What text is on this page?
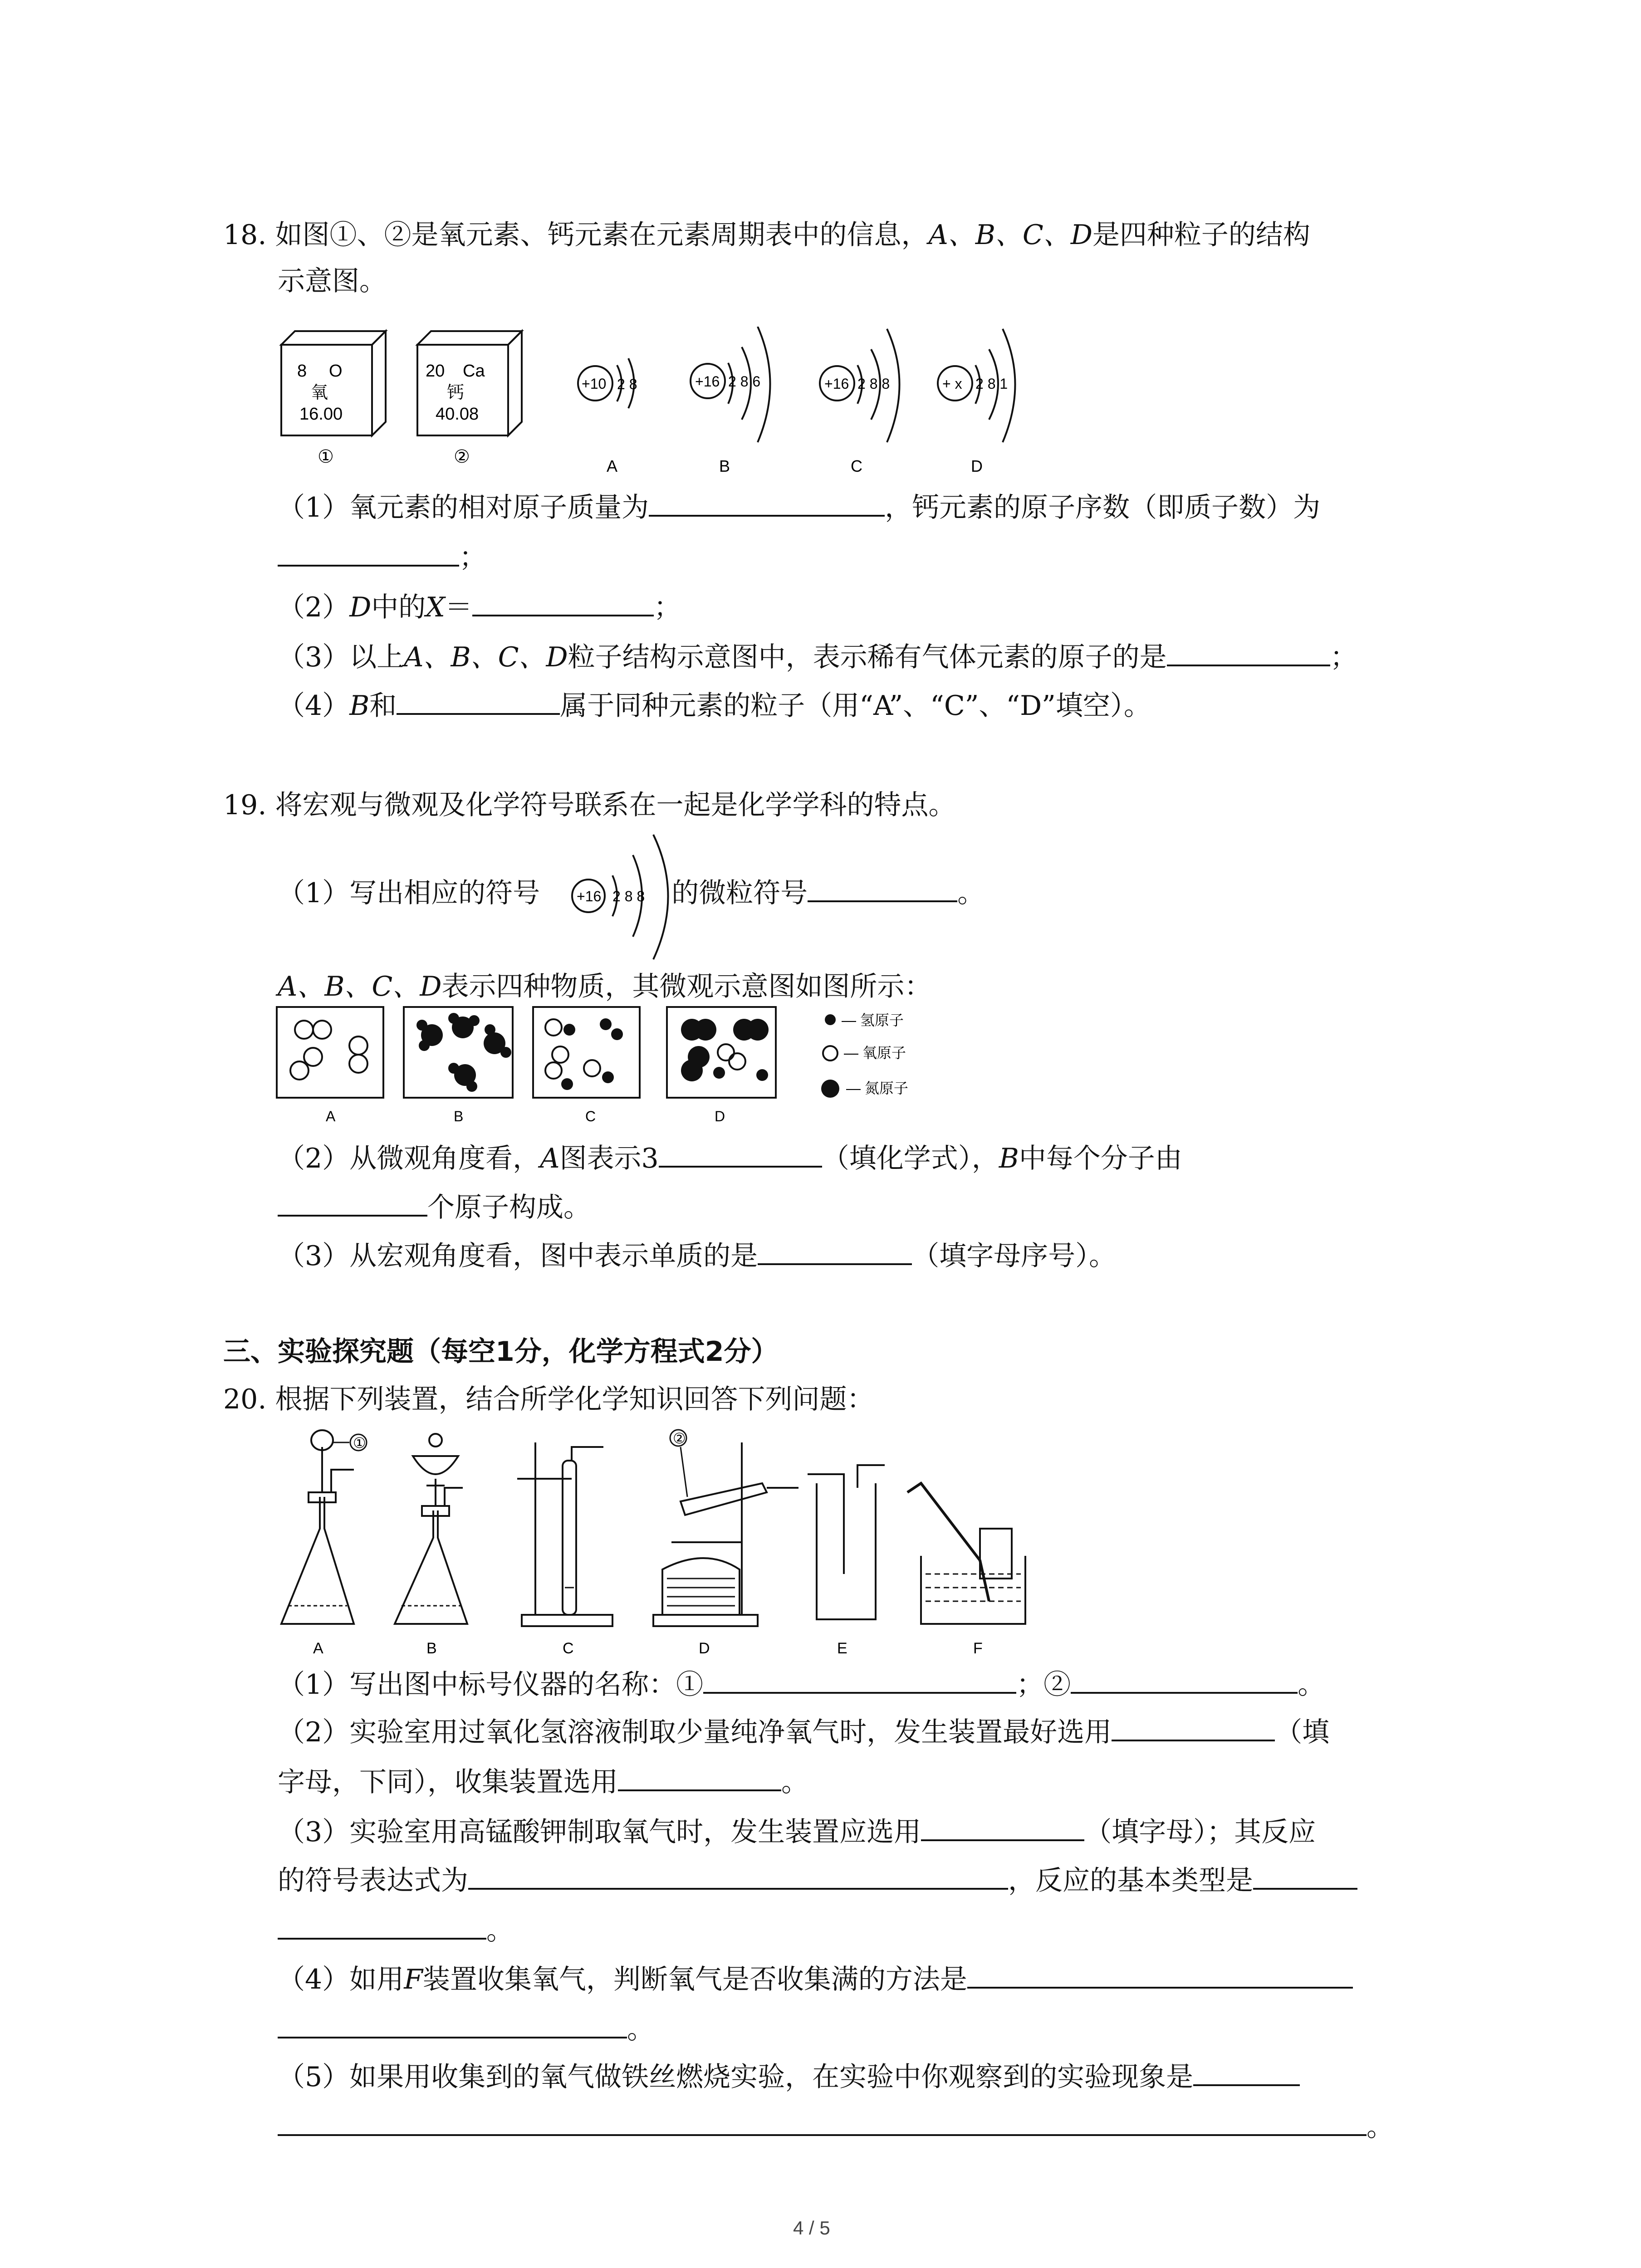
18. 如图①、②是氧元素、钙元素在元素周期表中的信息，A、B、C、D是四种粒子的结构
示意图。
8 O
氧
16.00
①
20 Ca
钙
40.08
②
+10 2 8
A
+16 2 8 6
B
+16 2 8 8
C
+ x 2 8 1
D
（1）氧元素的相对原子质量为	，钙元素的原子序数（即质子数）为
；
（2）D中的X＝	；
（3）以上A、B、C、D粒子结构示意图中，表示稀有气体元素的原子的是	；
（4）B和	属于同种元素的粒子（用“A”、“C”、“D”填空）。
19. 将宏观与微观及化学符号联系在一起是化学学科的特点。
（1）写出相应的符号	的微粒符号	。
+16 2 8 8
A、B、C、D表示四种物质，其微观示意图如图所示：
A	B	C	D
— 氢原子
— 氧原子
— 氮原子
（2）从微观角度看，A图表示3	（填化学式），B中每个分子由
个原子构成。
（3）从宏观角度看，图中表示单质的是	（填字母序号）。
三、实验探究题（每空1分，化学方程式2分）
20. 根据下列装置，结合所学化学知识回答下列问题：
①
A	B	C
②
D	E	F
（1）写出图中标号仪器的名称：①	；②	。
（2）实验室用过氧化氢溶液制取少量纯净氧气时，发生装置最好选用	（填
字母，下同），收集装置选用	。
（3）实验室用高锰酸钾制取氧气时，发生装置应选用	（填字母）；其反应
的符号表达式为	，反应的基本类型是
。
（4）如用F装置收集氧气，判断氧气是否收集满的方法是
。
（5）如果用收集到的氧气做铁丝燃烧实验，在实验中你观察到的实验现象是
。
4 / 5
